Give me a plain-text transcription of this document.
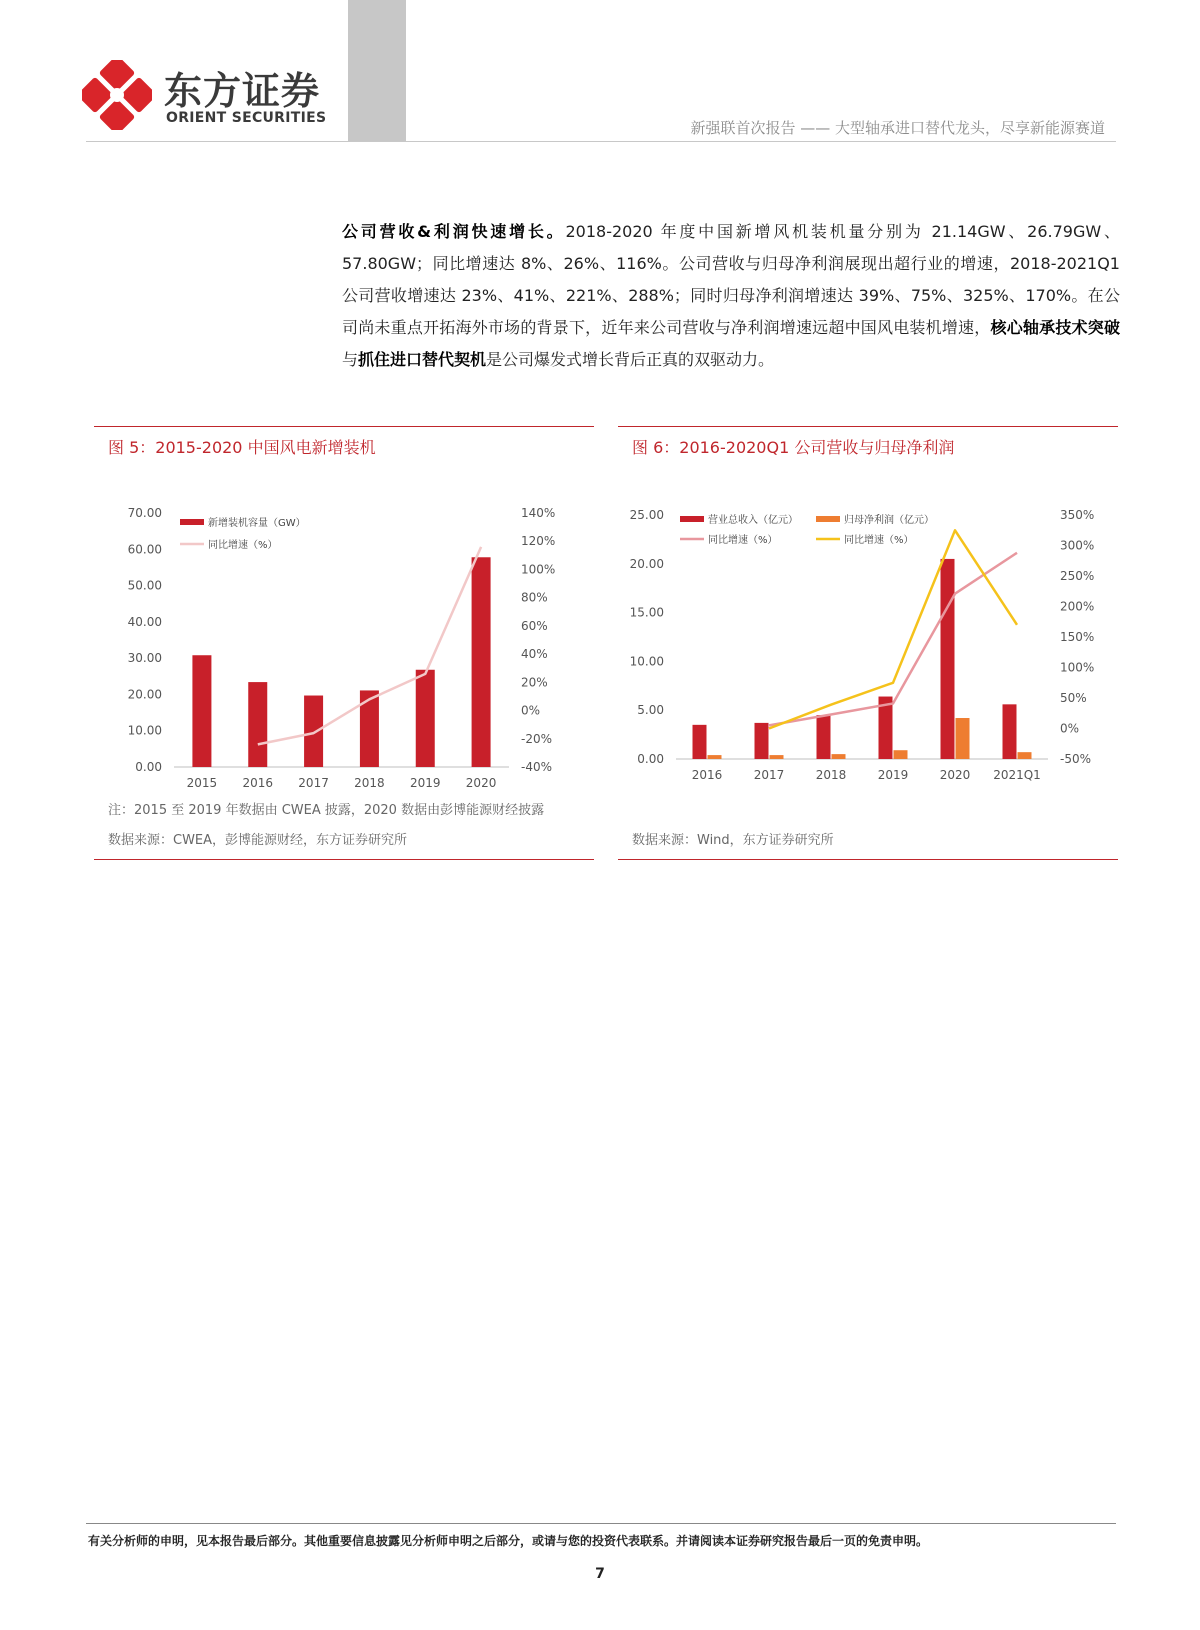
东方证券
ORIENT SECURITIES
新强联首次报告 —— 大型轴承进口替代龙头，尽享新能源赛道
公司营收&利润快速增长。2018-2020 年度中国新增风机装机量分别为 21.14GW、26.79GW、57.80GW；同比增速达 8%、26%、116%。公司营收与归母净利润展现出超行业的增速，2018-2021Q1 公司营收增速达 23%、41%、221%、288%；同时归母净利润增速达 39%、75%、325%、170%。在公司尚未重点开拓海外市场的背景下，近年来公司营收与净利润增速远超中国风电装机增速，核心轴承技术突破与抓住进口替代契机是公司爆发式增长背后正真的双驱动力。
图 5：2015-2020 中国风电新增装机
0.00
10.00
20.00
30.00
40.00
50.00
60.00
70.00
-40%
-20%
0%
20%
40%
60%
80%
100%
120%
140%
2015 2016 2017 2018 2019 2020
新增装机容量（GW）
同比增速（%）
注：2015 至 2019 年数据由 CWEA 披露，2020 数据由彭博能源财经披露
数据来源：CWEA，彭博能源财经，东方证券研究所
图 6：2016-2020Q1 公司营收与归母净利润
0.00
5.00
10.00
15.00
20.00
25.00
-50%
0%
50%
100%
150%
200%
250%
300%
350%
2016	2017	2018	2019	2020 2021Q1
营业总收入（亿元）	归母净利润（亿元）
同比增速（%）	同比增速（%）
数据来源：Wind，东方证券研究所
有关分析师的申明，见本报告最后部分。其他重要信息披露见分析师申明之后部分，或请与您的投资代表联系。并请阅读本证券研究报告最后一页的免责申明。
7
